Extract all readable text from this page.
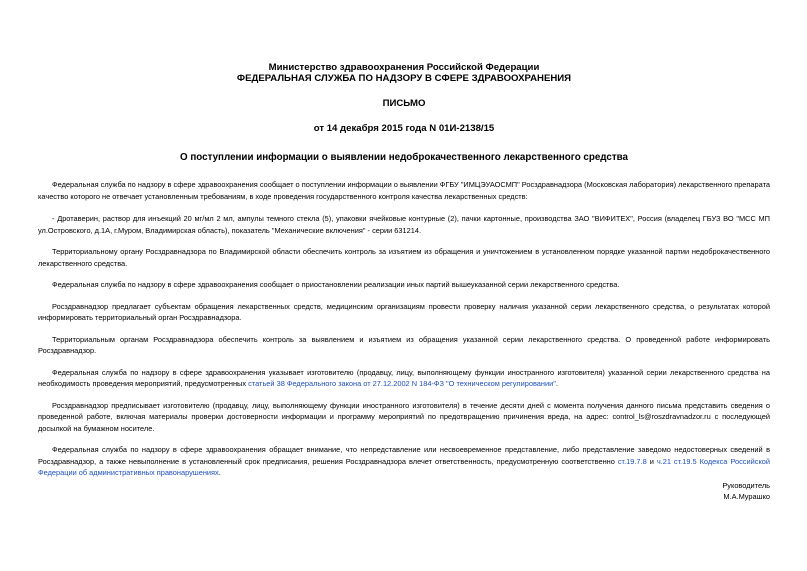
Министерство здравоохранения Российской Федерации
ФЕДЕРАЛЬНАЯ СЛУЖБА ПО НАДЗОРУ В СФЕРЕ ЗДРАВООХРАНЕНИЯ
ПИСЬМО
от 14 декабря 2015 года N 01И-2138/15
О поступлении информации о выявлении недоброкачественного лекарственного средства

Федеральная служба по надзору в сфере здравоохранения сообщает о поступлении информации о выявлении ФГБУ "ИМЦЭУАОСМП" Росздравнадзора (Московская лаборатория) лекарственного препарата качество которого не отвечает установленным требованиям, в ходе проведения государственного контроля качества лекарственных средств:

- Дротаверин, раствор для инъекций 20 мг/мл 2 мл, ампулы темного стекла (5), упаковки ячейковые контурные (2), пачки картонные, производства ЗАО "ВИФИТЕХ", Россия (владелец ГБУЗ ВО "МСС МП ул.Островского, д.1А, г.Муром, Владимирская область), показатель "Механические включения" - серии 631214.

Территориальному органу Росздравнадзора по Владимирской области обеспечить контроль за изъятием из обращения и уничтожением в установленном порядке указанной партии недоброкачественного лекарственного средства.

Федеральная служба по надзору в сфере здравоохранения сообщает о приостановлении реализации иных партий вышеуказанной серии лекарственного средства.

Росздравнадзор предлагает субъектам обращения лекарственных средств, медицинским организациям провести проверку наличия указанной серии лекарственного средства, о результатах которой информировать территориальный орган Росздравнадзора.

Территориальным органам Росздравнадзора обеспечить контроль за выявлением и изъятием из обращения указанной серии лекарственного средства. О проведенной работе информировать Росздравнадзор.

Федеральная служба по надзору в сфере здравоохранения указывает изготовителю (продавцу, лицу, выполняющему функции иностранного изготовителя) указанной серии лекарственного средства на необходимость проведения мероприятий, предусмотренных статьей 38 Федерального закона от 27.12.2002 N 184-ФЗ "О техническом регулировании".

Росздравнадзор предписывает изготовителю (продавцу, лицу, выполняющему функции иностранного изготовителя) в течение десяти дней с момента получения данного письма представить сведения о проведенной работе, включая материалы проверки достоверности информации и программу мероприятий по предотвращению причинения вреда, на адрес: control_ls@roszdravnadzor.ru с последующей досылкой на бумажном носителе.

Федеральная служба по надзору в сфере здравоохранения обращает внимание, что непредставление или несвоевременное представление, либо представление заведомо недостоверных сведений в Росздравнадзор, а также невыполнение в установленный срок предписания, решения Росздравнадзора влечет ответственность, предусмотренную соответственно ст.19.7.8 и ч.21 ст.19.5 Кодекса Российской Федерации об административных правонарушениях.

Руководитель
М.А.Мурашко
